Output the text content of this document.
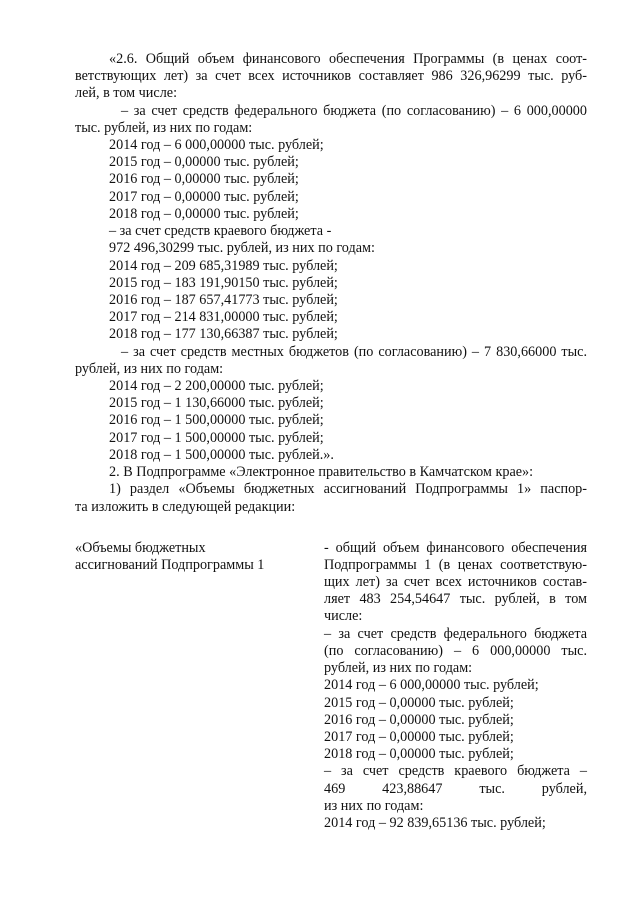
«2.6. Общий объем финансового обеспечения Программы (в ценах соот-
ветствующих лет) за счет всех источников составляет 986 326,96299 тыс. руб-
лей, в том числе:
– за счет средств федерального бюджета (по согласованию) – 6 000,00000
тыс. рублей, из них по годам:
2014 год – 6 000,00000 тыс. рублей;
2015 год – 0,00000 тыс. рублей;
2016 год – 0,00000 тыс. рублей;
2017 год – 0,00000 тыс. рублей;
2018 год – 0,00000 тыс. рублей;
– за счет средств краевого бюджета -
972 496,30299 тыс. рублей, из них по годам:
2014 год – 209 685,31989 тыс. рублей;
2015 год – 183 191,90150 тыс. рублей;
2016 год – 187 657,41773 тыс. рублей;
2017 год – 214 831,00000 тыс. рублей;
2018 год – 177 130,66387 тыс. рублей;
– за счет средств местных бюджетов (по согласованию) – 7 830,66000 тыс.
рублей, из них по годам:
2014 год – 2 200,00000 тыс. рублей;
2015 год – 1 130,66000 тыс. рублей;
2016 год – 1 500,00000 тыс. рублей;
2017 год – 1 500,00000 тыс. рублей;
2018 год – 1 500,00000 тыс. рублей.».
2. В Подпрограмме «Электронное правительство в Камчатском крае»:
1) раздел «Объемы бюджетных ассигнований Подпрограммы 1» паспор-
та изложить в следующей редакции:
«Объемы бюджетных
ассигнований Подпрограммы 1
- общий объем финансового обеспечения
Подпрограммы 1 (в ценах соответствую-
щих лет) за счет всех источников состав-
ляет 483 254,54647 тыс. рублей, в том
числе:
– за счет средств федерального бюджета
(по согласованию) – 6 000,00000 тыс.
рублей, из них по годам:
2014 год – 6 000,00000 тыс. рублей;
2015 год – 0,00000 тыс. рублей;
2016 год – 0,00000 тыс. рублей;
2017 год – 0,00000 тыс. рублей;
2018 год – 0,00000 тыс. рублей;
– за счет средств краевого бюджета –
469 423,88647 тыс. рублей,
из них по годам:
2014 год – 92 839,65136 тыс. рублей;
